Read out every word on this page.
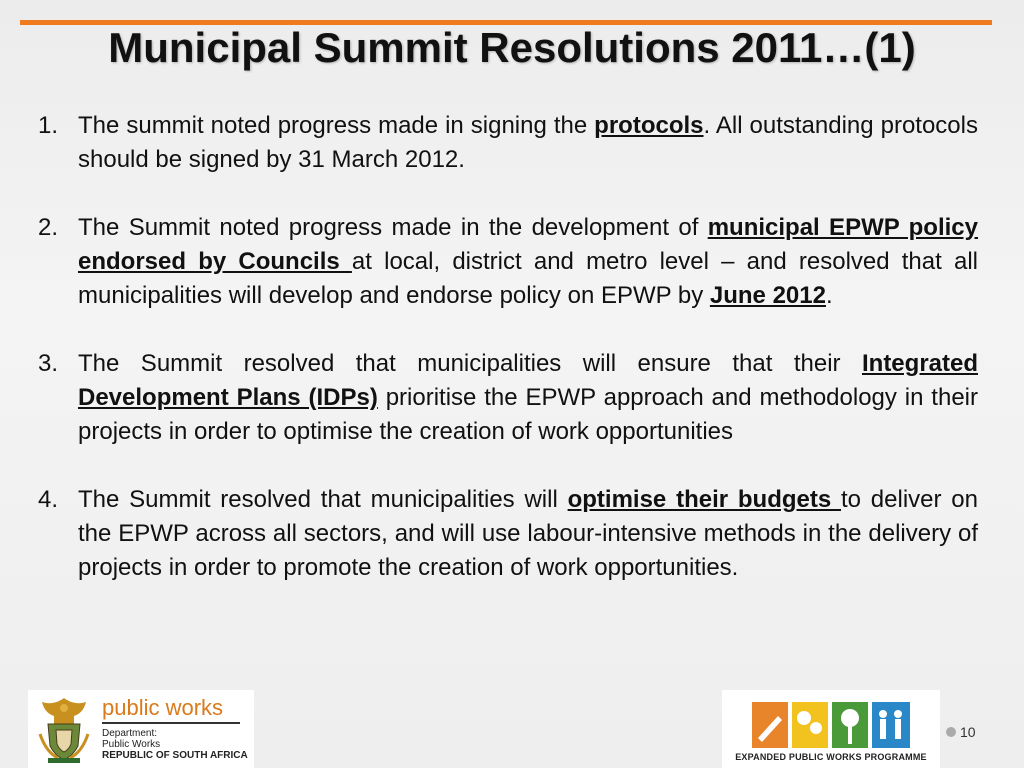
Municipal Summit Resolutions 2011…(1)
1. The summit noted progress made in signing the protocols. All outstanding protocols should be signed by 31 March 2012.
2. The Summit noted progress made in the development of municipal EPWP policy endorsed by Councils at local, district and metro level – and resolved that all municipalities will develop and endorse policy on EPWP by June 2012.
3. The Summit resolved that municipalities will ensure that their Integrated Development Plans (IDPs) prioritise the EPWP approach and methodology in their projects in order to optimise the creation of work opportunities
4. The Summit resolved that municipalities will optimise their budgets to deliver on the EPWP across all sectors, and will use labour-intensive methods in the delivery of projects in order to promote the creation of work opportunities.
public works
Department:
Public Works
REPUBLIC OF SOUTH AFRICA	EXPANDED PUBLIC WORKS PROGRAMME
10
